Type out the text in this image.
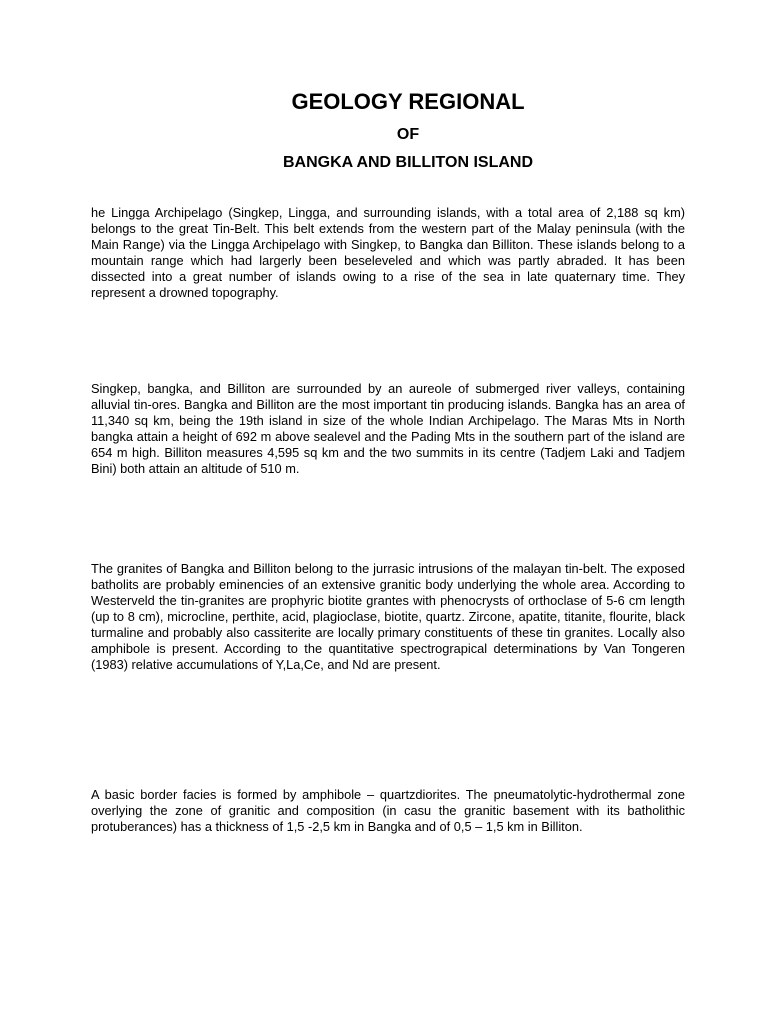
GEOLOGY REGIONAL
OF
BANGKA AND BILLITON ISLAND

he Lingga Archipelago (Singkep, Lingga, and surrounding islands, with a total area of 2,188 sq km) belongs to the great Tin-Belt. This belt extends from the western part of the Malay peninsula (with the Main Range) via the Lingga Archipelago with Singkep, to Bangka dan Billiton. These islands belong to a mountain range which had largerly been beseleveled and which was partly abraded. It has been dissected into a great number of islands owing to a rise of the sea in late quaternary time. They represent a drowned topography.

Singkep, bangka, and Billiton are surrounded by an aureole of submerged river valleys, containing alluvial tin-ores. Bangka and Billiton are the most important tin producing islands. Bangka has an area of 11,340 sq km, being the 19th island in size of the whole Indian Archipelago. The Maras Mts in North bangka attain a height of 692 m above sealevel and the Pading Mts in the southern part of the island are 654 m high. Billiton measures 4,595 sq km and the two summits in its centre (Tadjem Laki and Tadjem Bini) both attain an altitude of 510 m.

The granites of Bangka and Billiton belong to the jurrasic intrusions of the malayan tin-belt. The exposed batholits are probably eminencies of an extensive granitic body underlying the whole area. According to Westerveld the tin-granites are prophyric biotite grantes with phenocrysts of orthoclase of 5-6 cm length (up to 8 cm), microcline, perthite, acid, plagioclase, biotite, quartz. Zircone, apatite, titanite, flourite, black turmaline and probably also cassiterite are locally primary constituents of these tin granites. Locally also amphibole is present. According to the quantitative spectrograpical determinations by Van Tongeren (1983) relative accumulations of Y,La,Ce, and Nd are present.

A basic border facies is formed by amphibole – quartzdiorites. The pneumatolytic-hydrothermal zone overlying the zone of granitic and composition (in casu the granitic basement with its batholithic protuberances) has a thickness of 1,5 -2,5 km in Bangka and of 0,5 – 1,5 km in Billiton.
